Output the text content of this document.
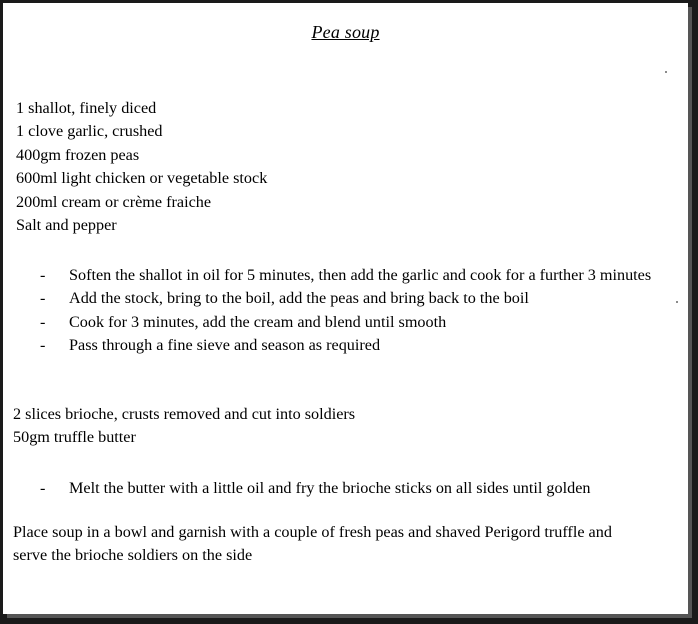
Pea soup
1 shallot, finely diced
1 clove garlic, crushed
400gm frozen peas
600ml light chicken or vegetable stock
200ml cream or crème fraiche
Salt and pepper
- Soften the shallot in oil for 5 minutes, then add the garlic and cook for a further 3 minutes
- Add the stock, bring to the boil, add the peas and bring back to the boil
- Cook for 3 minutes, add the cream and blend until smooth
- Pass through a fine sieve and season as required
2 slices brioche, crusts removed and cut into soldiers
50gm truffle butter
- Melt the butter with a little oil and fry the brioche sticks on all sides until golden
Place soup in a bowl and garnish with a couple of fresh peas and shaved Perigord truffle and
serve the brioche soldiers on the side
